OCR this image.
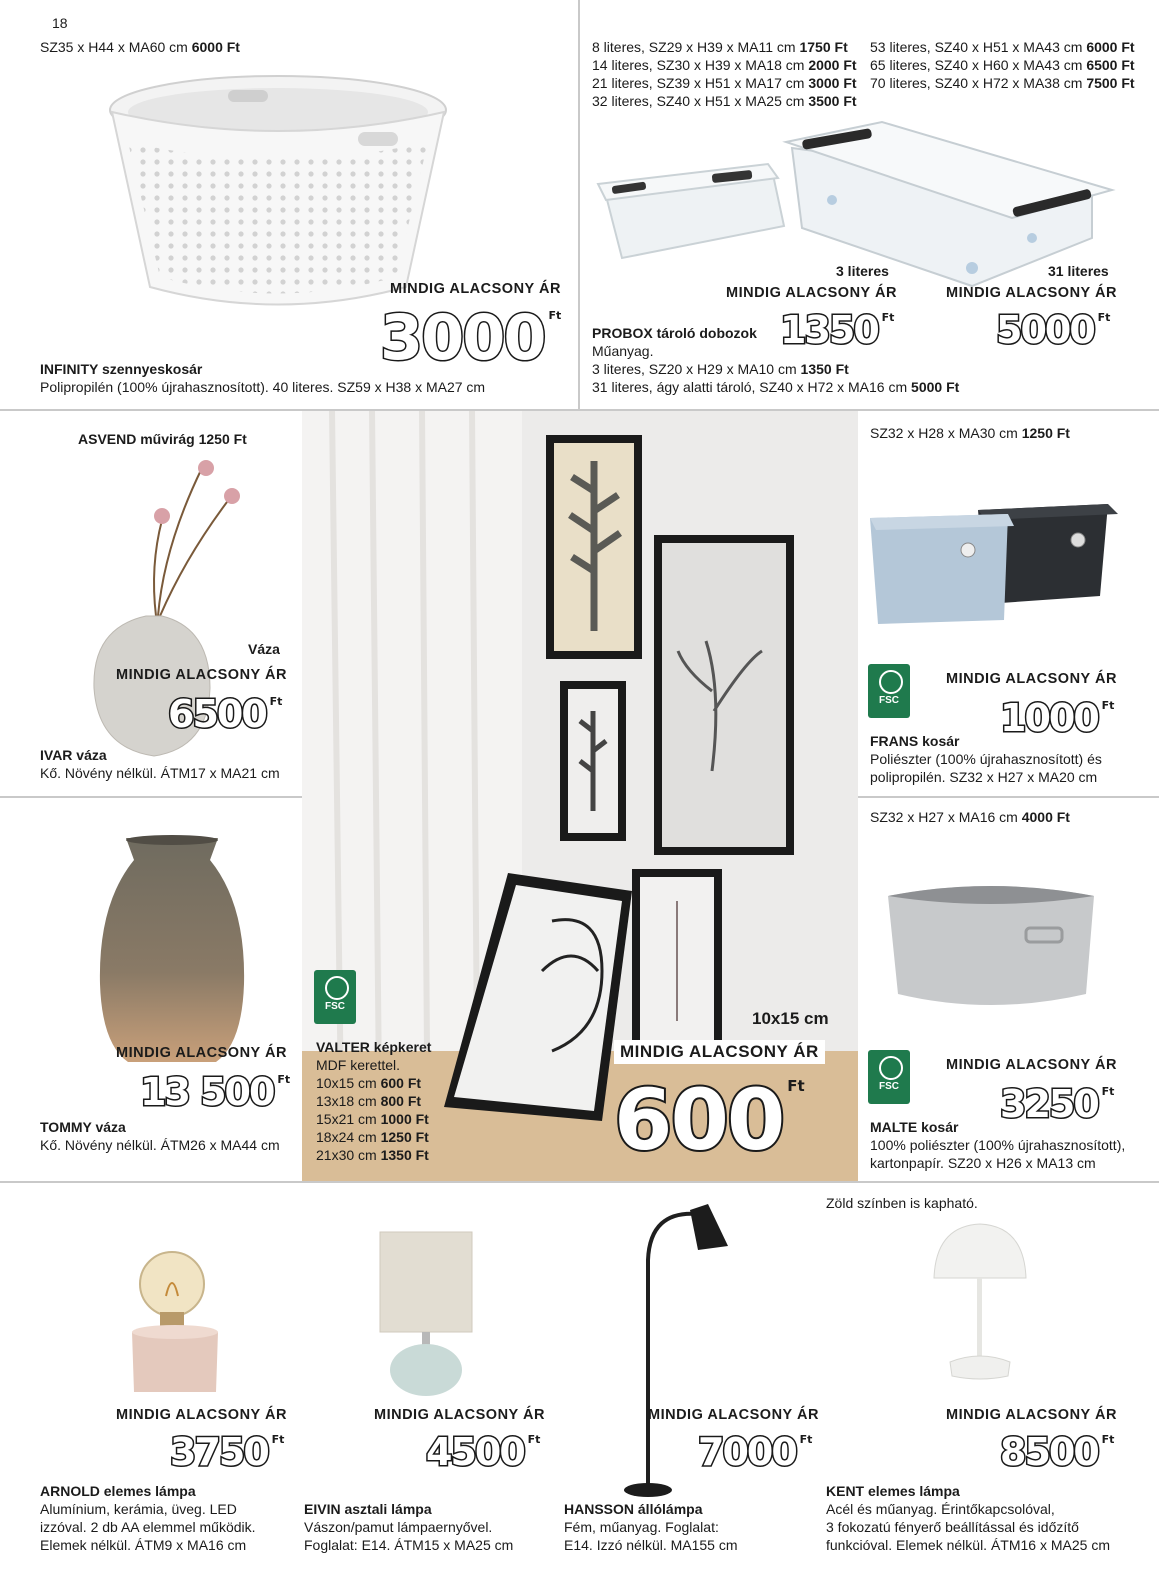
18
SZ35 x H44 x MA60 cm 6000 Ft
MINDIG ALACSONY ÁR
3000 $^{Ft}$
INFINITY szennyeskosár
Polipropilén (100% újrahasznosított). 40 literes. SZ59 x H38 x MA27 cm
8 literes, SZ29 x H39 x MA11 cm 1750 Ft
14 literes, SZ30 x H39 x MA18 cm 2000 Ft
21 literes, SZ39 x H51 x MA17 cm 3000 Ft
32 literes, SZ40 x H51 x MA25 cm 3500 Ft
53 literes, SZ40 x H51 x MA43 cm 6000 Ft
65 literes, SZ40 x H60 x MA43 cm 6500 Ft
70 literes, SZ40 x H72 x MA38 cm 7500 Ft
3 literes	31 literes
MINDIG ALACSONY ÁR	MINDIG ALACSONY ÁR
1350 $^{Ft}$	5000 $^{Ft}$
PROBOX tároló dobozok
Műanyag.
3 literes, SZ20 x H29 x MA10 cm 1350 Ft
31 literes, ágy alatti tároló, SZ40 x H72 x MA16 cm 5000 Ft
ASVEND művirág 1250 Ft
Váza
MINDIG ALACSONY ÁR
6500 $^{Ft}$
IVAR váza
Kő. Növény nélkül. ÁTM17 x MA21 cm
MINDIG ALACSONY ÁR
13 500 $^{Ft}$
TOMMY váza
Kő. Növény nélkül. ÁTM26 x MA44 cm
FSC
VALTER képkeret
MDF kerettel.
10x15 cm 600 Ft
13x18 cm 800 Ft
15x21 cm 1000 Ft
18x24 cm 1250 Ft
21x30 cm 1350 Ft
10x15 cm
MINDIG ALACSONY ÁR
600 Ft
SZ32 x H28 x MA30 cm 1250 Ft
FSC
MINDIG ALACSONY ÁR
1000 $^{Ft}$
FRANS kosár
Poliészter (100% újrahasznosított) és
polipropilén. SZ32 x H27 x MA20 cm
SZ32 x H27 x MA16 cm 4000 Ft
FSC
MINDIG ALACSONY ÁR
3250 $^{Ft}$
MALTE kosár
100% poliészter (100% újrahasznosított),
kartonpapír. SZ20 x H26 x MA13 cm
MINDIG ALACSONY ÁR
3750 $^{Ft}$
ARNOLD elemes lámpa
Alumínium, kerámia, üveg. LED
izzóval. 2 db AA elemmel működik.
Elemek nélkül. ÁTM9 x MA16 cm
MINDIG ALACSONY ÁR
4500 $^{Ft}$
EIVIN asztali lámpa
Vászon/pamut lámpaernyővel.
Foglalat: E14. ÁTM15 x MA25 cm
MINDIG ALACSONY ÁR
7000 $^{Ft}$
HANSSON állólámpa
Fém, műanyag. Foglalat:
E14. Izzó nélkül. MA155 cm
Zöld színben is kapható.
MINDIG ALACSONY ÁR
8500 $^{Ft}$
KENT elemes lámpa
Acél és műanyag. Érintőkapcsolóval,
3 fokozatú fényerő beállítással és időzítő
funkcióval. Elemek nélkül. ÁTM16 x MA25 cm
